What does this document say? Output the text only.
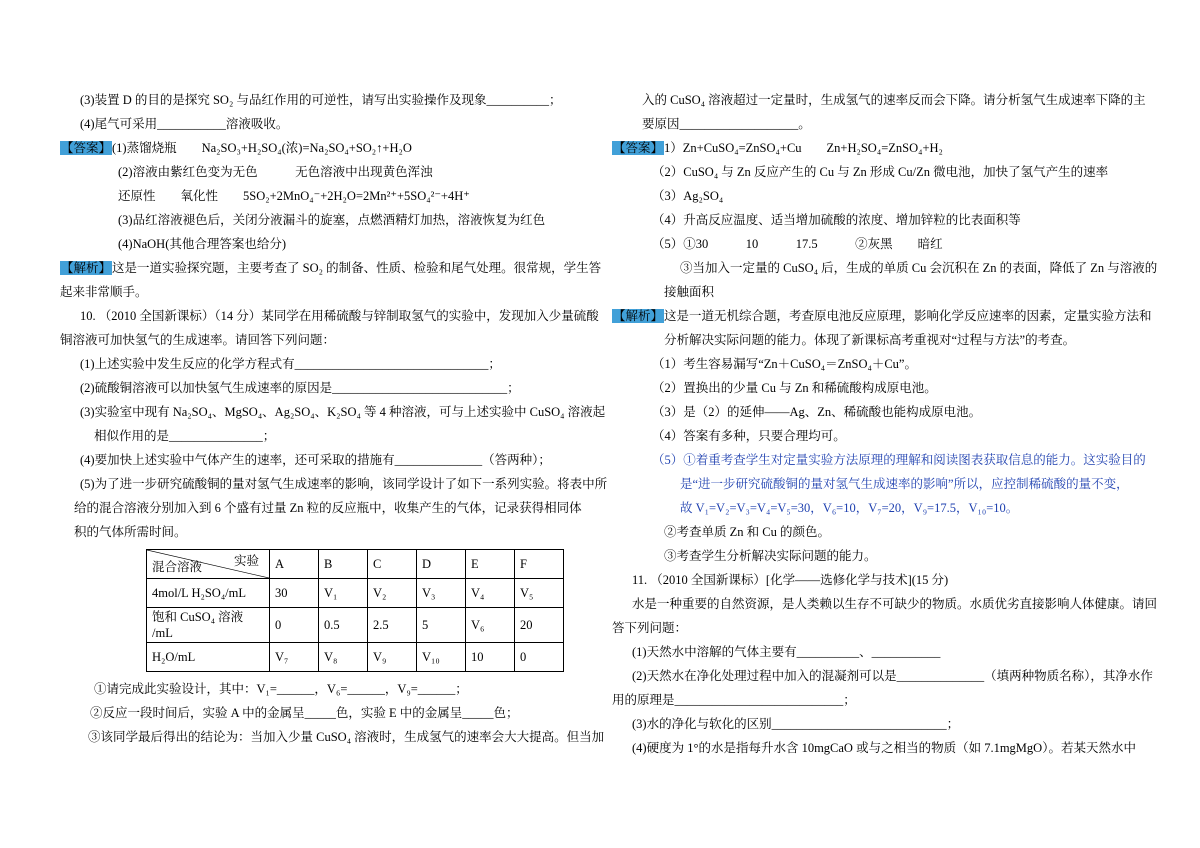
(3)装置 D 的目的是探究 SO₂ 与品红作用的可逆性，请写出实验操作及现象__________；

(4)尾气可采用___________溶液吸收。

【答案】(1)蒸馏烧瓶　　Na₂SO₃+H₂SO₄(浓)=Na₂SO₄+SO₂↑+H₂O

(2)溶液由紫红色变为无色　　　无色溶液中出现黄色浑浊

还原性　　氧化性　　5SO₂+2MnO₄⁻+2H₂O=2Mn²⁺+5SO₄²⁻+4H⁺

(3)品红溶液褪色后，关闭分液漏斗的旋塞，点燃酒精灯加热，溶液恢复为红色

(4)NaOH(其他合理答案也给分)

【解析】这是一道实验探究题，主要考查了 SO₂ 的制备、性质、检验和尾气处理。很常规，学生答

起来非常顺手。

10. （2010 全国新课标）（14 分）某同学在用稀硫酸与锌制取氢气的实验中，发现加入少量硫酸

铜溶液可加快氢气的生成速率。请回答下列问题：

(1)上述实验中发生反应的化学方程式有_______________________________；

(2)硫酸铜溶液可以加快氢气生成速率的原因是____________________________；

(3)实验室中现有 Na₂SO₄、MgSO₄、Ag₂SO₄、K₂SO₄ 等 4 种溶液，可与上述实验中 CuSO₄ 溶液起

相似作用的是_______________；

(4)要加快上述实验中气体产生的速率，还可采取的措施有______________（答两种）；

(5)为了进一步研究硫酸铜的量对氢气生成速率的影响，该同学设计了如下一系列实验。将表中所

给的混合溶液分别加入到 6 个盛有过量 Zn 粒的反应瓶中，收集产生的气体，记录获得相同体

积的气体所需时间。

实验
混合溶液	A	B	C	D	E	F
4mol/L H₂SO₄/mL	30	V₁	V₂	V₃	V₄	V₅
饱和 CuSO₄ 溶液 /mL	0	0.5	2.5	5	V₆	20
H₂O/mL	V₇	V₈	V₉	V₁₀	10	0

①请完成此实验设计，其中：V₁=______，V₆=______，V₉=______；

②反应一段时间后，实验 A 中的金属呈_____色，实验 E 中的金属呈_____色；

③该同学最后得出的结论为：当加入少量 CuSO₄ 溶液时，生成氢气的速率会大大提高。但当加

入的 CuSO₄ 溶液超过一定量时，生成氢气的速率反而会下降。请分析氢气生成速率下降的主

要原因___________________。

【答案】1）Zn+CuSO₄=ZnSO₄+Cu　　Zn+H₂SO₄=ZnSO₄+H₂

（2）CuSO₄ 与 Zn 反应产生的 Cu 与 Zn 形成 Cu/Zn 微电池，加快了氢气产生的速率

（3）Ag₂SO₄

（4）升高反应温度、适当增加硫酸的浓度、增加锌粒的比表面积等

（5）①30　　　10　　　17.5　　　②灰黑　　暗红

③当加入一定量的 CuSO₄ 后，生成的单质 Cu 会沉积在 Zn 的表面，降低了 Zn 与溶液的

接触面积

【解析】这是一道无机综合题，考查原电池反应原理，影响化学反应速率的因素，定量实验方法和

分析解决实际问题的能力。体现了新课标高考重视对“过程与方法”的考查。

（1）考生容易漏写“Zn＋CuSO₄＝ZnSO₄＋Cu”。

（2）置换出的少量 Cu 与 Zn 和稀硫酸构成原电池。

（3）是（2）的延伸——Ag、Zn、稀硫酸也能构成原电池。

（4）答案有多种，只要合理均可。

（5）①着重考查学生对定量实验方法原理的理解和阅读图表获取信息的能力。这实验目的

是“进一步研究硫酸铜的量对氢气生成速率的影响”所以，应控制稀硫酸的量不变，

故 V₁=V₂=V₃=V₄=V₅=30，V₆=10，V₇=20，V₉=17.5，V₁₀=10。

②考查单质 Zn 和 Cu 的颜色。

③考查学生分析解决实际问题的能力。

11. （2010 全国新课标）[化学——选修化学与技术](15 分)

水是一种重要的自然资源，是人类赖以生存不可缺少的物质。水质优劣直接影响人体健康。请回

答下列问题：

(1)天然水中溶解的气体主要有__________、___________

(2)天然水在净化处理过程中加入的混凝剂可以是______________（填两种物质名称），其净水作

用的原理是___________________________；

(3)水的净化与软化的区别____________________________；

(4)硬度为 1°的水是指每升水含 10mgCaO 或与之相当的物质（如 7.1mgMgO）。若某天然水中
